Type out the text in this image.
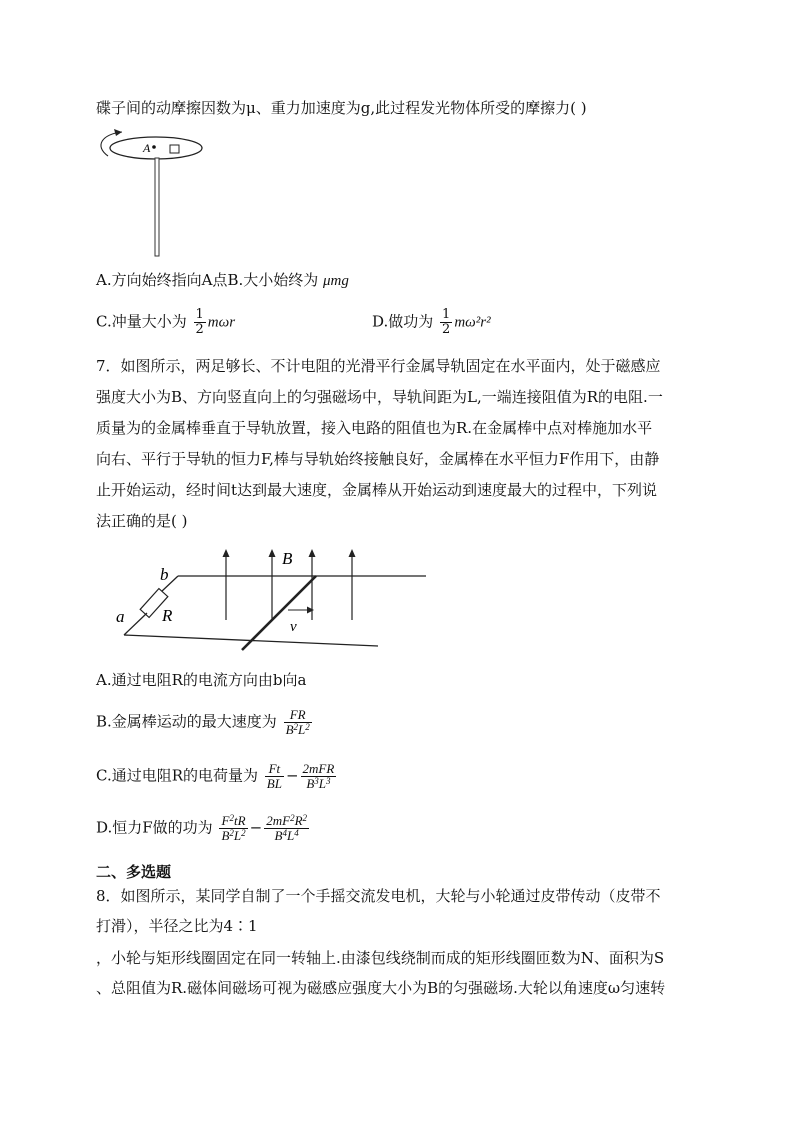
碟子间的动摩擦因数为μ、重力加速度为g,此过程发光物体所受的摩擦力( )
A
A.方向始终指向A点B.大小始终为 μmg
C.冲量大小为 $\frac{1}{2}$ mωr	D.做功为 $\frac{1}{2} m\omega^2r^2$
7．如图所示，两足够长、不计电阻的光滑平行金属导轨固定在水平面内，处于磁感应
强度大小为B、方向竖直向上的匀强磁场中，导轨间距为L,一端连接阻值为R的电阻.一
质量为的金属棒垂直于导轨放置，接入电路的阻值也为R.在金属棒中点对棒施加水平
向右、平行于导轨的恒力F,棒与导轨始终接触良好，金属棒在水平恒力F作用下，由静
止开始运动，经时间t达到最大速度，金属棒从开始运动到速度最大的过程中，下列说
法正确的是( )
b
a R
B
v
A.通过电阻R的电流方向由b向a
B.金属棒运动的最大速度为 $\frac{FR}{B^2L^2}$
C.通过电阻R的电荷量为 $\frac{Ft}{BL} - \frac{\text{2mFR}}{B^3L^3}$
D.恒力F做的功为 $\frac{F^2tR}{B^2L^2} - \frac{2mF^2R^2}{B^4L^4}$
二、多选题
8．如图所示，某同学自制了一个手摇交流发电机，大轮与小轮通过皮带传动（皮带不
打滑），半径之比为4∶1
，小轮与矩形线圈固定在同一转轴上.由漆包线绕制而成的矩形线圈匝数为N、面积为S
、总阻值为R.磁体间磁场可视为磁感应强度大小为B的匀强磁场.大轮以角速度ω匀速转
